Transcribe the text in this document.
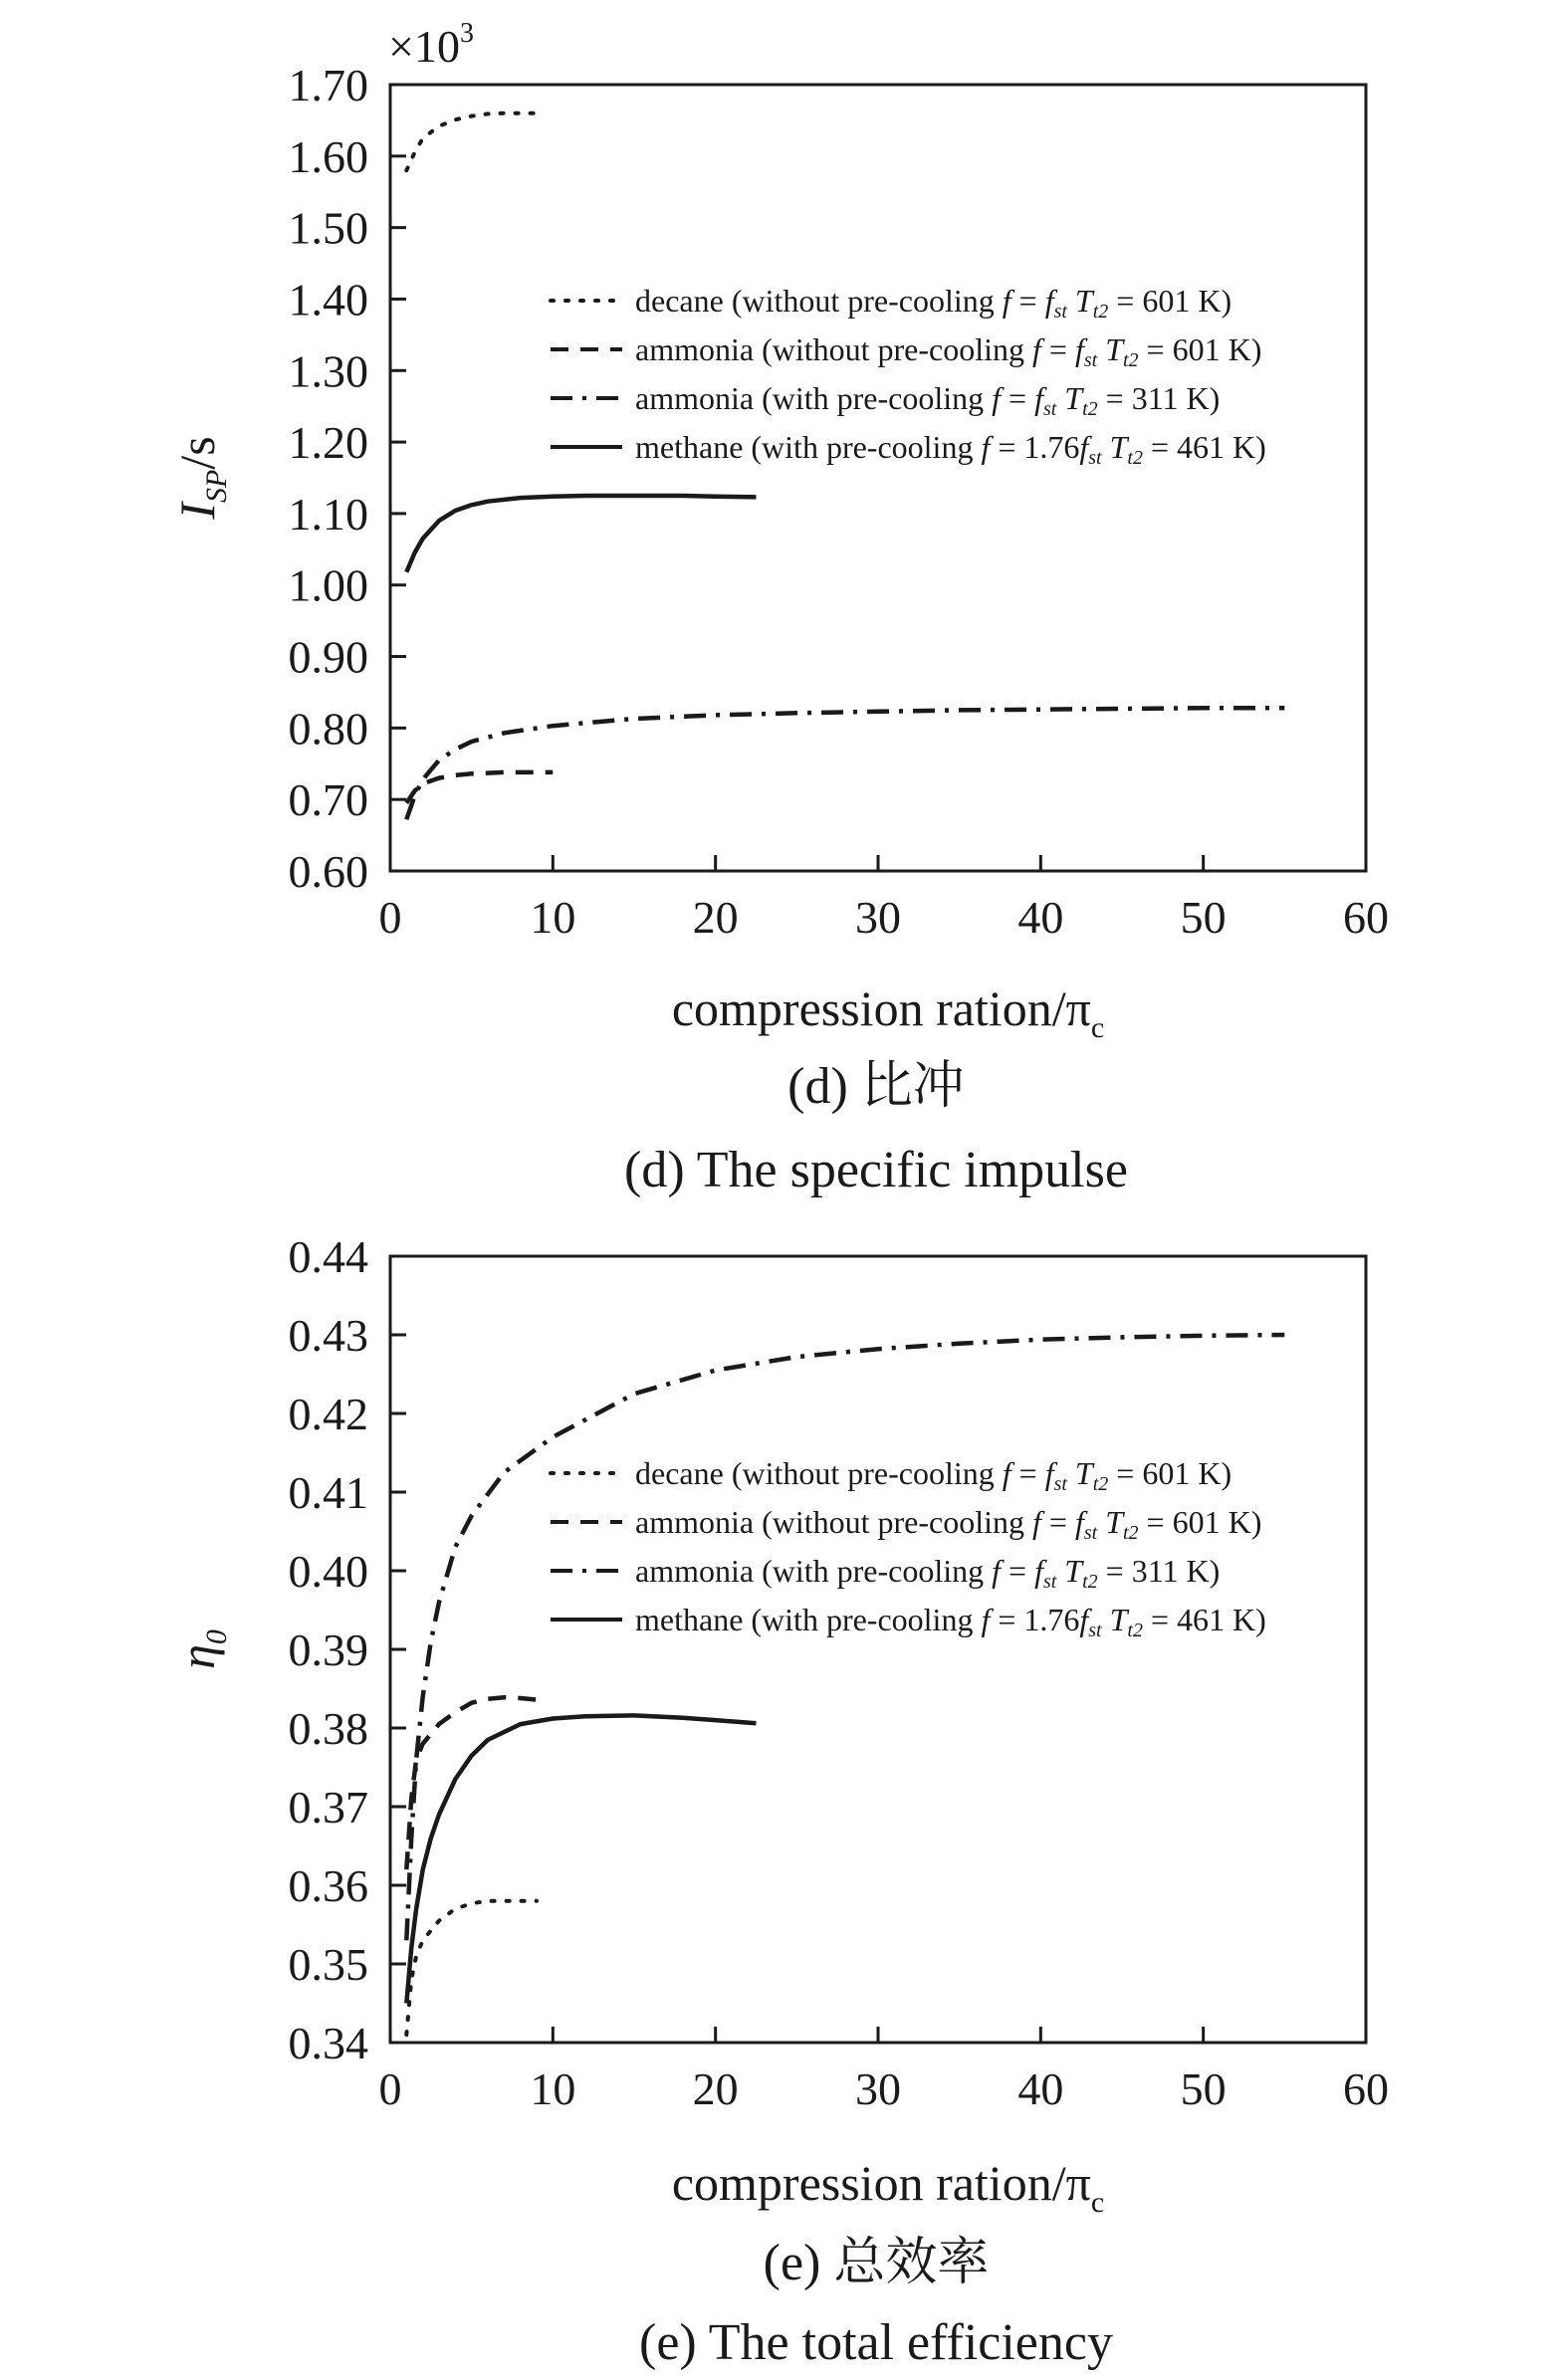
0.60
0.70
0.80
0.90
1.00
1.10
1.20
1.30
1.40
1.50
1.60
1.70
0	10	20	30	40	50	60
compression ration/$\pi_c$
$I_{SP}/s$
$\times 10^3$
decane (without pre-cooling f = fst Tt2 = 601 K)
ammonia (without pre-cooling f = fst Tt2 = 601 K)
ammonia (with pre-cooling f = fst Tt2 = 311 K)
methane (with pre-cooling f = 1.76fst Tt2 = 461 K)
(d) 比冲
(d) The specific impulse
0.34
0.35
0.36
0.37
0.38
0.39
0.40
0.41
0.42
0.43
0.44
0	10	20	30	40	50	60
compression ration/$\pi_c$
$\eta_0$
decane (without pre-cooling f = fst Tt2 = 601 K)
ammonia (without pre-cooling f = fst Tt2 = 601 K)
ammonia (with pre-cooling f = fst Tt2 = 311 K)
methane (with pre-cooling f = 1.76fst Tt2 = 461 K)
(e) 总效率
(e) The total efficiency
